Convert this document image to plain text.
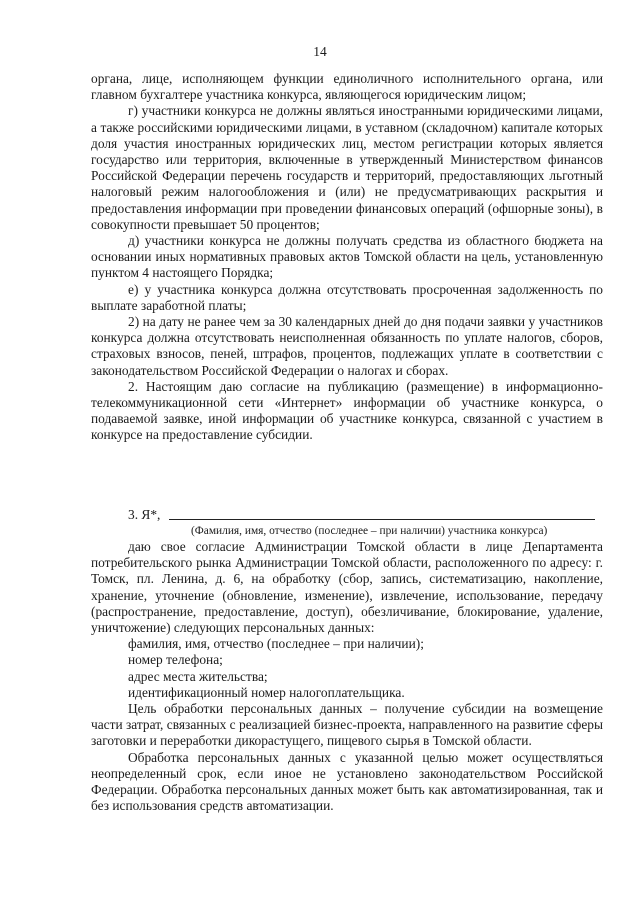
14

органа, лице, исполняющем функции единоличного исполнительного органа, или главном бухгалтере участника конкурса, являющегося юридическим лицом;

г) участники конкурса не должны являться иностранными юридическими лицами, а также российскими юридическими лицами, в уставном (складочном) капитале которых доля участия иностранных юридических лиц, местом регистрации которых является государство или территория, включенные в утвержденный Министерством финансов Российской Федерации перечень государств и территорий, предоставляющих льготный налоговый режим налогообложения и (или) не предусматривающих раскрытия и предоставления информации при проведении финансовых операций (офшорные зоны), в совокупности превышает 50 процентов;

д) участники конкурса не должны получать средства из областного бюджета на основании иных нормативных правовых актов Томской области на цель, установленную пунктом 4 настоящего Порядка;

е) у участника конкурса должна отсутствовать просроченная задолженность по выплате заработной платы;

2) на дату не ранее чем за 30 календарных дней до дня подачи заявки у участников конкурса должна отсутствовать неисполненная обязанность по уплате налогов, сборов, страховых взносов, пеней, штрафов, процентов, подлежащих уплате в соответствии с законодательством Российской Федерации о налогах и сборах.

2. Настоящим даю согласие на публикацию (размещение) в информационно-телекоммуникационной сети «Интернет» информации об участнике конкурса, о подаваемой заявке, иной информации об участнике конкурса, связанной с участием в конкурсе на предоставление субсидии.

3. Я*,
(Фамилия, имя, отчество (последнее – при наличии) участника конкурса)

даю свое согласие Администрации Томской области в лице Департамента потребительского рынка Администрации Томской области, расположенного по адресу: г. Томск, пл. Ленина, д. 6, на обработку (сбор, запись, систематизацию, накопление, хранение, уточнение (обновление, изменение), извлечение, использование, передачу (распространение, предоставление, доступ), обезличивание, блокирование, удаление, уничтожение) следующих персональных данных:

фамилия, имя, отчество (последнее – при наличии);

номер телефона;

адрес места жительства;

идентификационный номер налогоплательщика.

Цель обработки персональных данных – получение субсидии на возмещение части затрат, связанных с реализацией бизнес-проекта, направленного на развитие сферы заготовки и переработки дикорастущего, пищевого сырья в Томской области.

Обработка персональных данных с указанной целью может осуществляться неопределенный срок, если иное не установлено законодательством Российской Федерации. Обработка персональных данных может быть как автоматизированная, так и без использования средств автоматизации.
